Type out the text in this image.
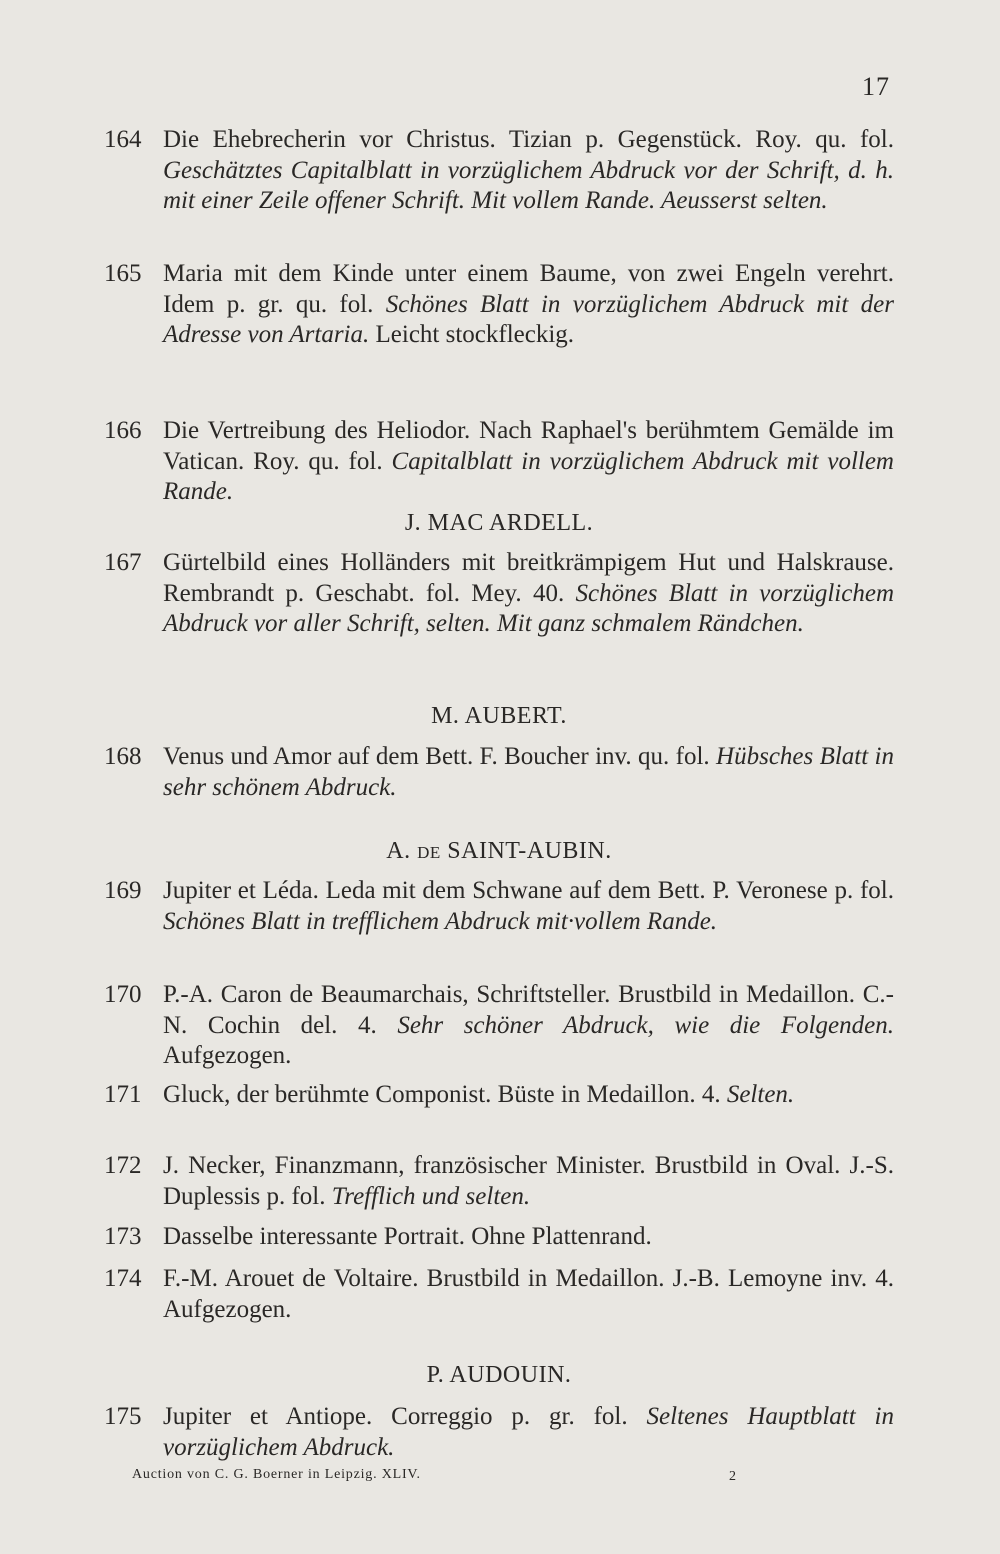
17
164 Die Ehebrecherin vor Christus. Tizian p. Gegenstück. Roy. qu. fol. Geschätztes Capitalblatt in vorzüglichem Abdruck vor der Schrift, d. h. mit einer Zeile offener Schrift. Mit vollem Rande. Aeusserst selten.
165 Maria mit dem Kinde unter einem Baume, von zwei Engeln verehrt. Idem p. gr. qu. fol. Schönes Blatt in vorzüglichem Abdruck mit der Adresse von Artaria. Leicht stockfleckig.
166 Die Vertreibung des Heliodor. Nach Raphael's berühmtem Gemälde im Vatican. Roy. qu. fol. Capitalblatt in vorzüglichem Abdruck mit vollem Rande.
J. MAC ARDELL.
167 Gürtelbild eines Holländers mit breitkrämpigem Hut und Halskrause. Rembrandt p. Geschabt. fol. Mey. 40. Schönes Blatt in vorzüglichem Abdruck vor aller Schrift, selten. Mit ganz schmalem Rändchen.
M. AUBERT.
168 Venus und Amor auf dem Bett. F. Boucher inv. qu. fol. Hübsches Blatt in sehr schönem Abdruck.
A. DE SAINT-AUBIN.
169 Jupiter et Léda. Leda mit dem Schwane auf dem Bett. P. Veronese p. fol. Schönes Blatt in trefflichem Abdruck mit·vollem Rande.
170 P.-A. Caron de Beaumarchais, Schriftsteller. Brustbild in Medaillon. C.-N. Cochin del. 4. Sehr schöner Abdruck, wie die Folgenden. Aufgezogen.
171 Gluck, der berühmte Componist. Büste in Medaillon. 4. Selten.
172 J. Necker, Finanzmann, französischer Minister. Brustbild in Oval. J.-S. Duplessis p. fol. Trefflich und selten.
173 Dasselbe interessante Portrait. Ohne Plattenrand.
174 F.-M. Arouet de Voltaire. Brustbild in Medaillon. J.-B. Lemoyne inv. 4. Aufgezogen.
P. AUDOUIN.
175 Jupiter et Antiope. Correggio p. gr. fol. Seltenes Hauptblatt in vorzüglichem Abdruck.
Auction von C. G. Boerner in Leipzig. XLIV.	2
